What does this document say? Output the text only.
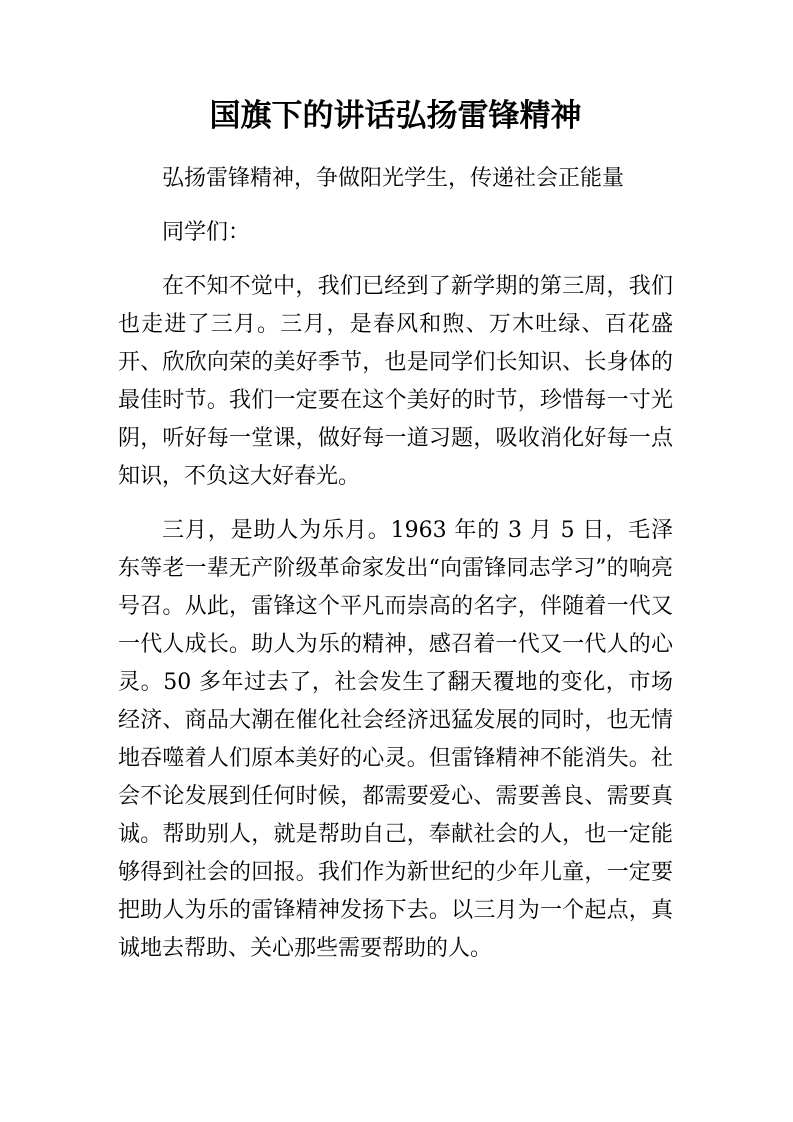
国旗下的讲话弘扬雷锋精神

弘扬雷锋精神，争做阳光学生，传递社会正能量

同学们：

在不知不觉中，我们已经到了新学期的第三周，我们也走进了三月。三月，是春风和煦、万木吐绿、百花盛开、欣欣向荣的美好季节，也是同学们长知识、长身体的最佳时节。我们一定要在这个美好的时节，珍惜每一寸光阴，听好每一堂课，做好每一道习题，吸收消化好每一点知识，不负这大好春光。

三月，是助人为乐月。1963 年的 3 月 5 日，毛泽东等老一辈无产阶级革命家发出“向雷锋同志学习”的响亮号召。从此，雷锋这个平凡而崇高的名字，伴随着一代又一代人成长。助人为乐的精神，感召着一代又一代人的心灵。50 多年过去了，社会发生了翻天覆地的变化，市场经济、商品大潮在催化社会经济迅猛发展的同时，也无情地吞噬着人们原本美好的心灵。但雷锋精神不能消失。社会不论发展到任何时候，都需要爱心、需要善良、需要真诚。帮助别人，就是帮助自己，奉献社会的人，也一定能够得到社会的回报。我们作为新世纪的少年儿童，一定要把助人为乐的雷锋精神发扬下去。以三月为一个起点，真诚地去帮助、关心那些需要帮助的人。
